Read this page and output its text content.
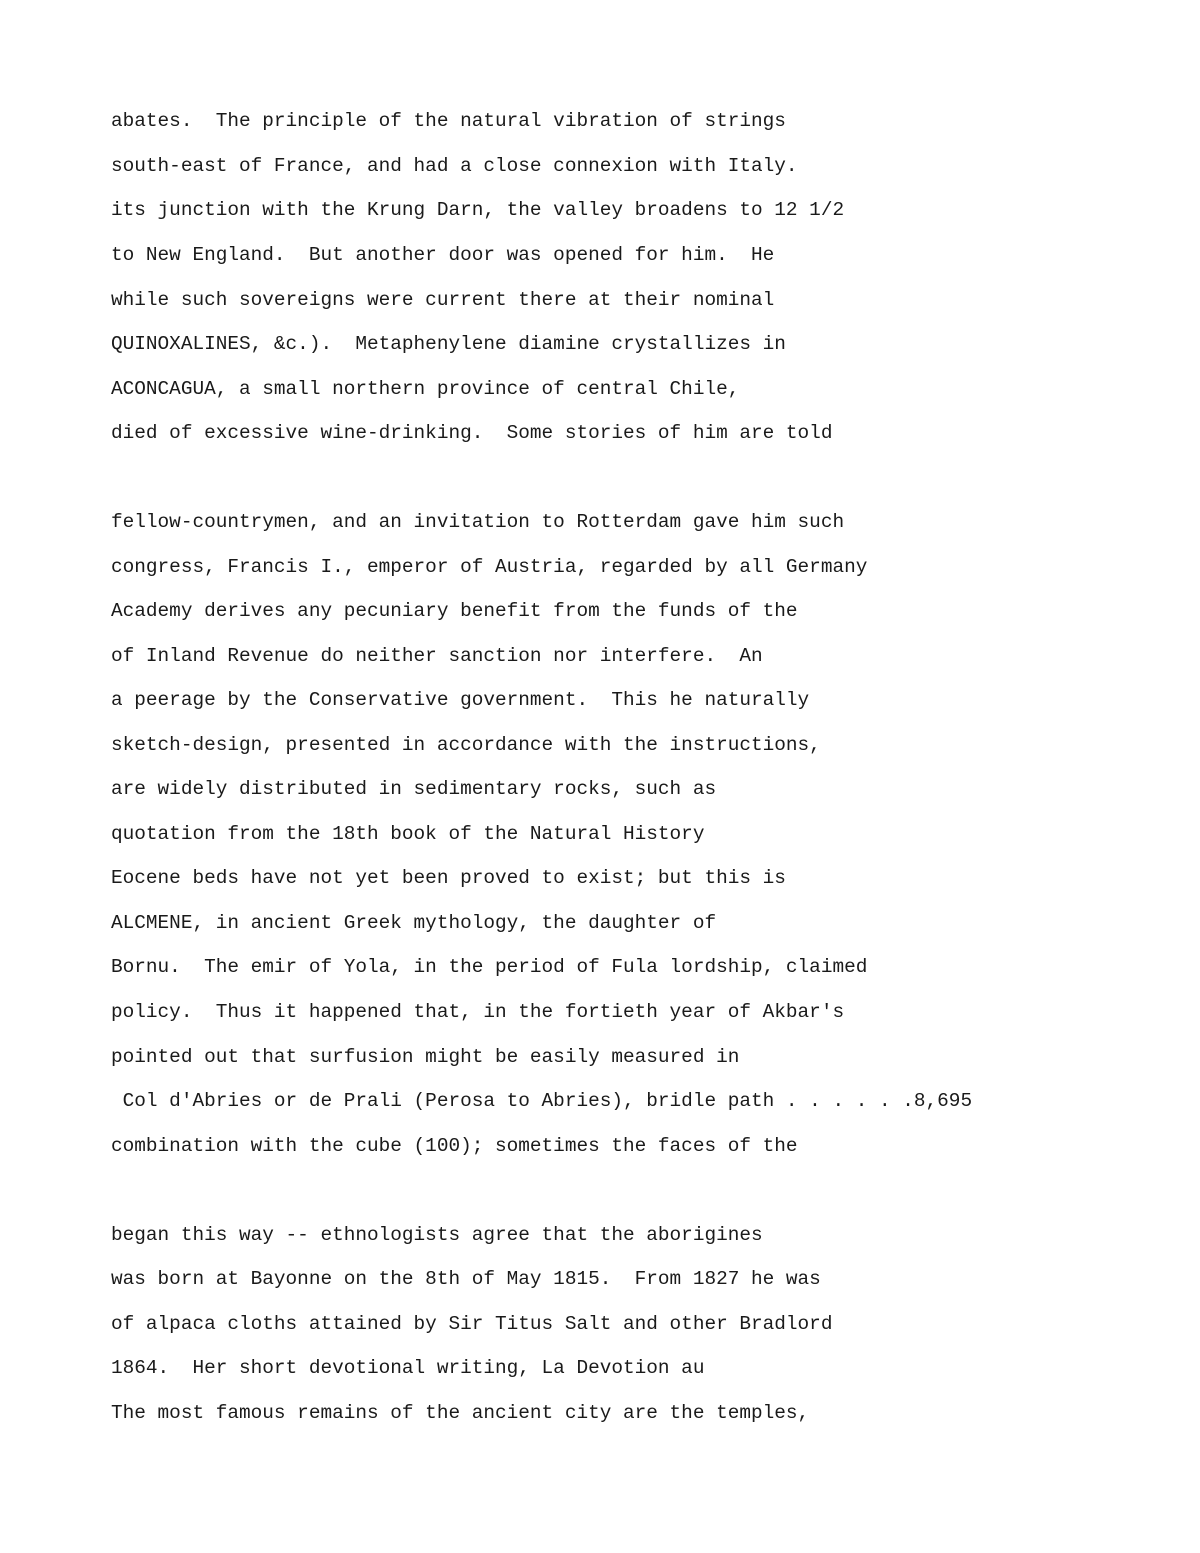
abates.  The principle of the natural vibration of strings
south-east of France, and had a close connexion with Italy.
its junction with the Krung Darn, the valley broadens to 12 1/2
to New England.  But another door was opened for him.  He
while such sovereigns were current there at their nominal
QUINOXALINES, &c.).  Metaphenylene diamine crystallizes in
ACONCAGUA, a small northern province of central Chile,
died of excessive wine-drinking.  Some stories of him are told
fellow-countrymen, and an invitation to Rotterdam gave him such
congress, Francis I., emperor of Austria, regarded by all Germany
Academy derives any pecuniary benefit from the funds of the
of Inland Revenue do neither sanction nor interfere.  An
a peerage by the Conservative government.  This he naturally
sketch-design, presented in accordance with the instructions,
are widely distributed in sedimentary rocks, such as
quotation from the 18th book of the Natural History
Eocene beds have not yet been proved to exist; but this is
ALCMENE, in ancient Greek mythology, the daughter of
Bornu.  The emir of Yola, in the period of Fula lordship, claimed
policy.  Thus it happened that, in the fortieth year of Akbar's
pointed out that surfusion might be easily measured in
Col d'Abries or de Prali (Perosa to Abries), bridle path . . . . . .8,695
combination with the cube (100); sometimes the faces of the
began this way -- ethnologists agree that the aborigines
was born at Bayonne on the 8th of May 1815.  From 1827 he was
of alpaca cloths attained by Sir Titus Salt and other Bradlord
1864.  Her short devotional writing, La Devotion au
The most famous remains of the ancient city are the temples,
